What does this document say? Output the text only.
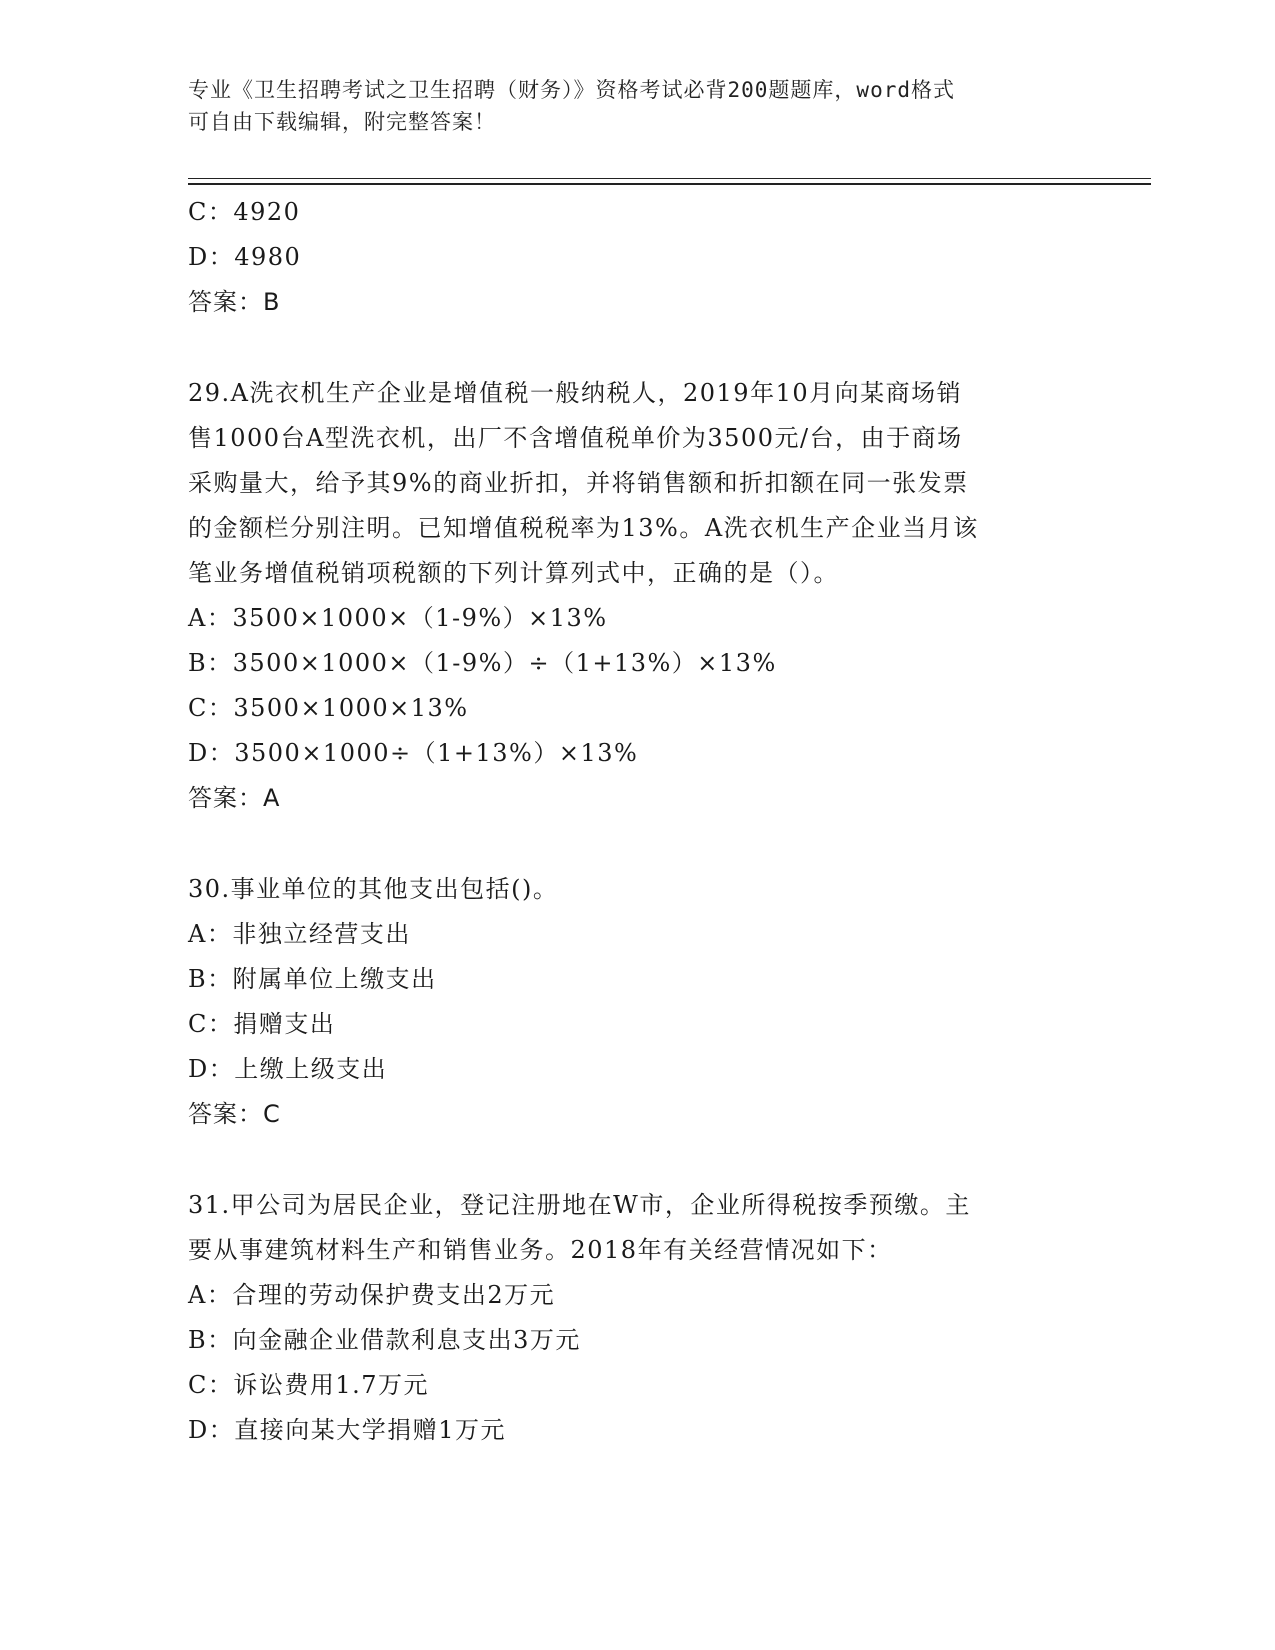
专业《卫生招聘考试之卫生招聘（财务）》资格考试必背200题题库，word格式
可自由下载编辑，附完整答案！
C：4920
D：4980
答案：B
29.A洗衣机生产企业是增值税一般纳税人，2019年10月向某商场销
售1000台A型洗衣机，出厂不含增值税单价为3500元/台，由于商场
采购量大，给予其9%的商业折扣，并将销售额和折扣额在同一张发票
的金额栏分别注明。已知增值税税率为13%。A洗衣机生产企业当月该
笔业务增值税销项税额的下列计算列式中，正确的是（）。
A：3500×1000×（1-9%）×13%
B：3500×1000×（1-9%）÷（1+13%）×13%
C：3500×1000×13%
D：3500×1000÷（1+13%）×13%
答案：A
30.事业单位的其他支出包括()。
A：非独立经营支出
B：附属单位上缴支出
C：捐赠支出
D：上缴上级支出
答案：C
31.甲公司为居民企业，登记注册地在W市，企业所得税按季预缴。主
要从事建筑材料生产和销售业务。2018年有关经营情况如下：
A：合理的劳动保护费支出2万元
B：向金融企业借款利息支出3万元
C：诉讼费用1.7万元
D：直接向某大学捐赠1万元
